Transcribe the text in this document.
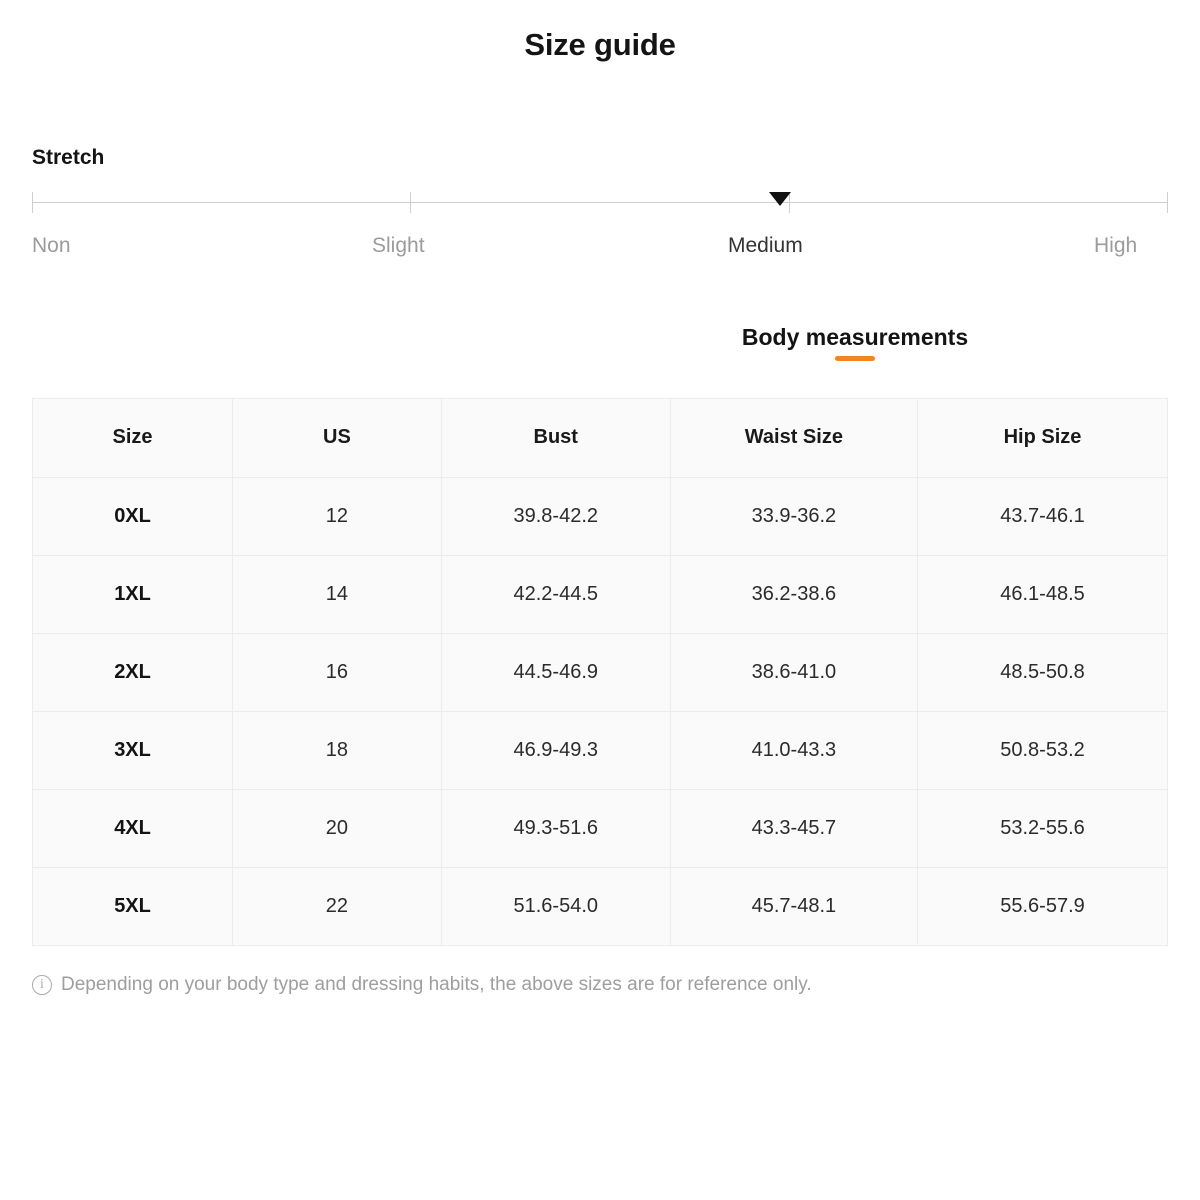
Size guide
Stretch
Non	Slight	Medium	High
Body measurements
Size	US	Bust	Waist Size	Hip Size
0XL	12	39.8-42.2	33.9-36.2	43.7-46.1
1XL	14	42.2-44.5	36.2-38.6	46.1-48.5
2XL	16	44.5-46.9	38.6-41.0	48.5-50.8
3XL	18	46.9-49.3	41.0-43.3	50.8-53.2
4XL	20	49.3-51.6	43.3-45.7	53.2-55.6
5XL	22	51.6-54.0	45.7-48.1	55.6-57.9
i Depending on your body type and dressing habits, the above sizes are for reference only.
